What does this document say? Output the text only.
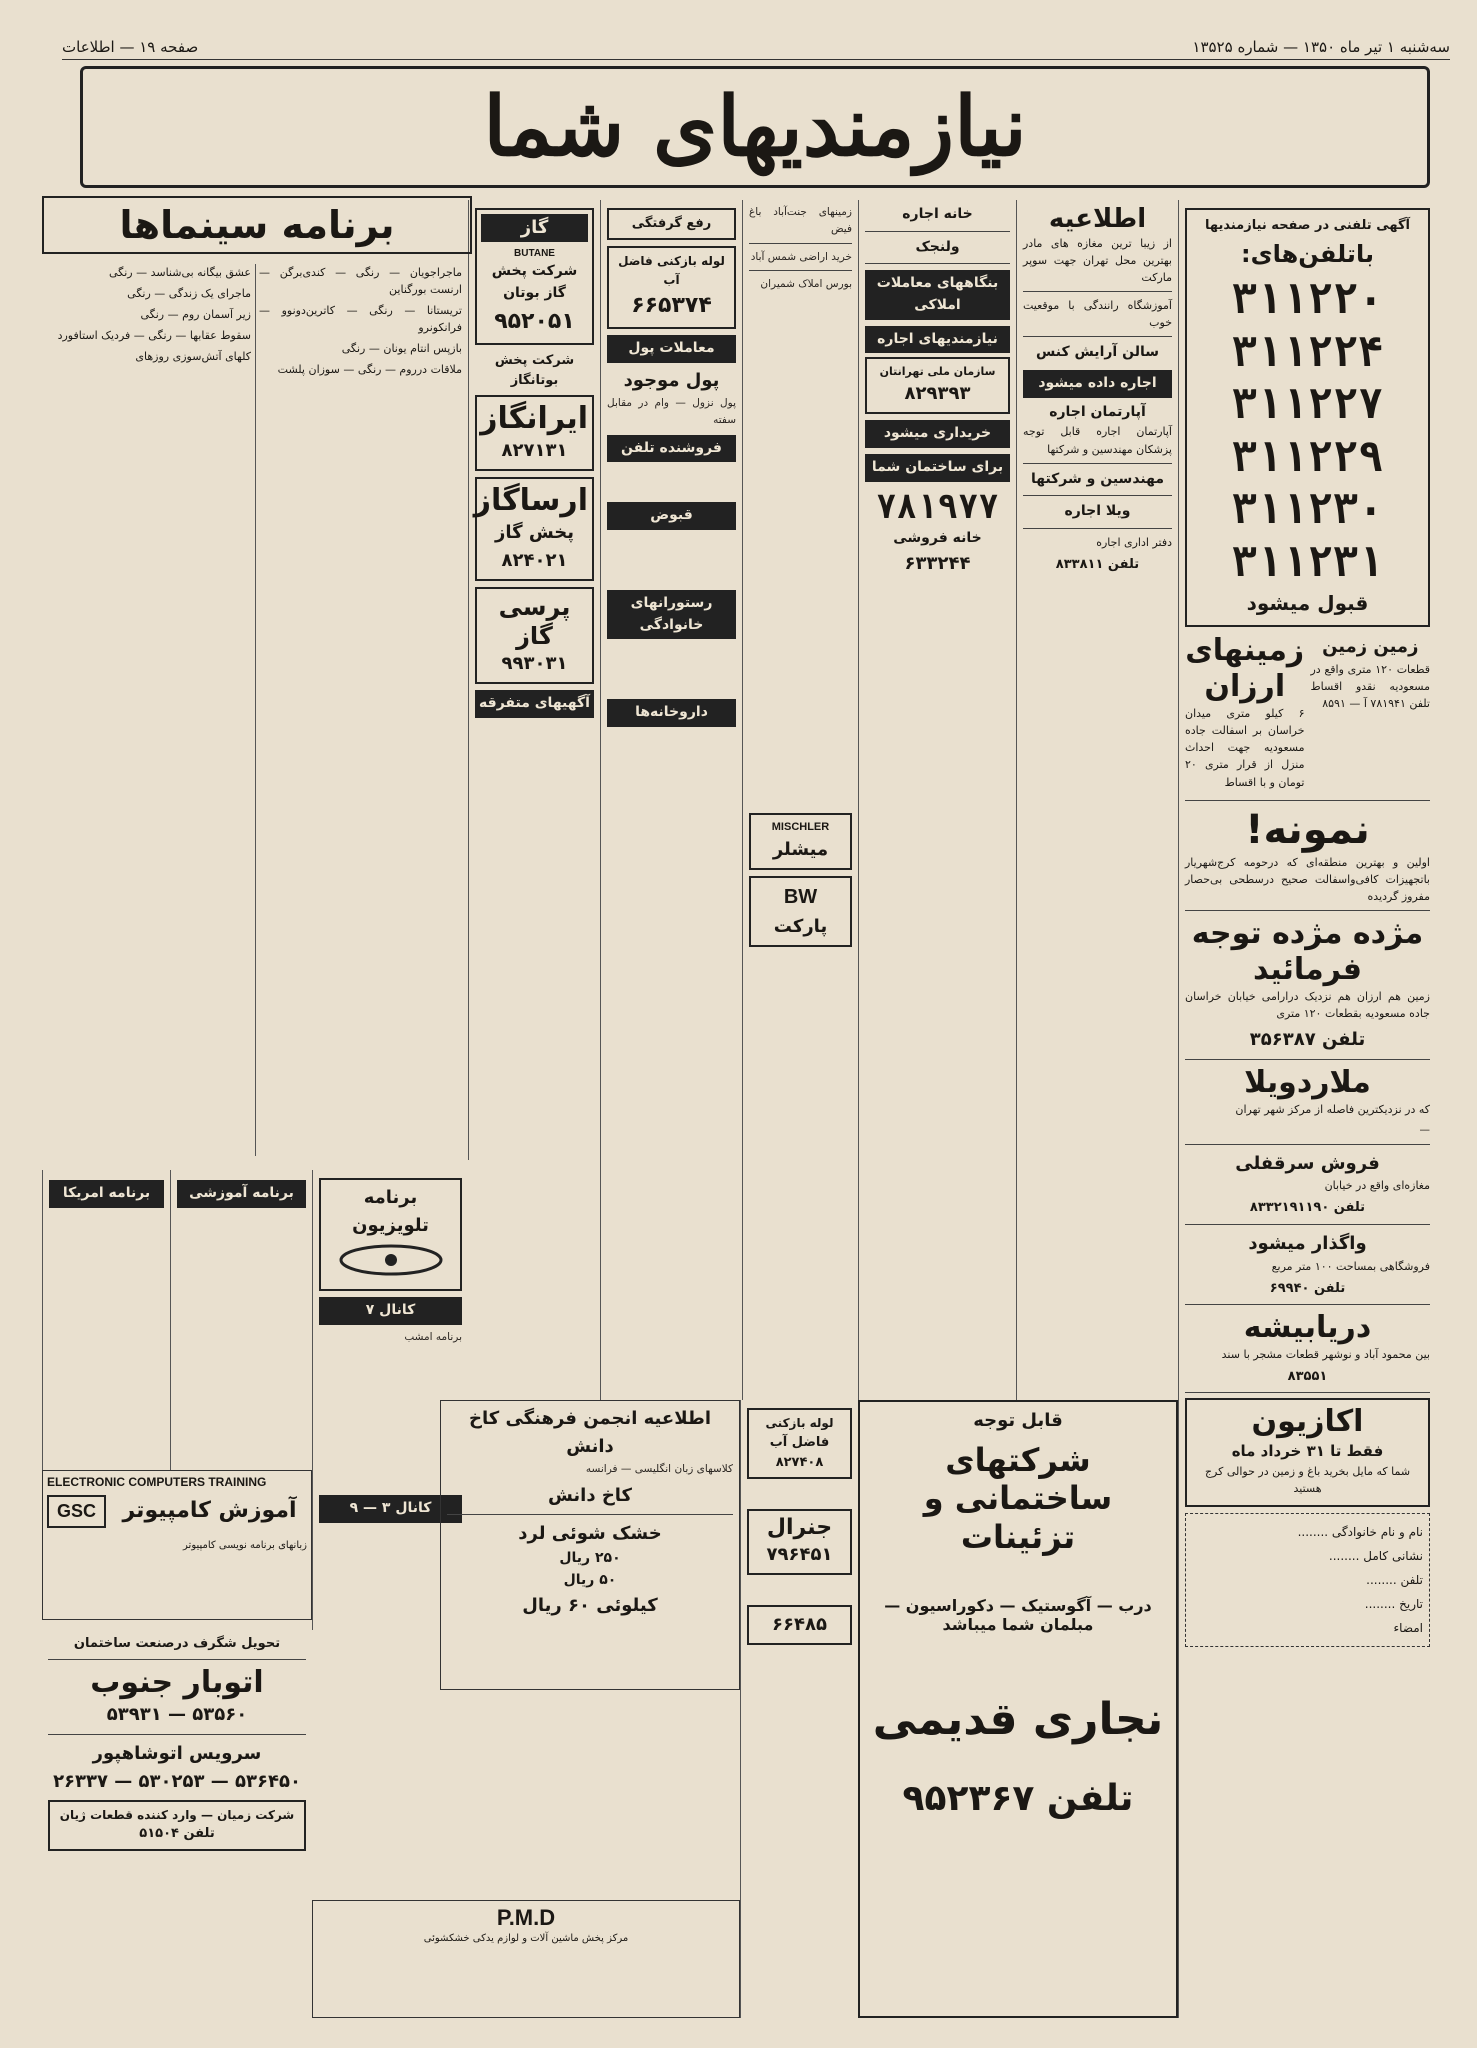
صفحه ۱۹ — اطلاعات	سه‌شنبه ۱ تیر ماه ۱۳۵۰ — شماره ۱۳۵۲۵
نیازمندیهای شما
آگهی تلفنی در صفحه نیازمندیها
باتلفن‌های:
۳۱۱۲۲۰
۳۱۱۲۲۴
۳۱۱۲۲۷
۳۱۱۲۲۹
۳۱۱۲۳۰
۳۱۱۲۳۱
قبول میشود
زمین زمین

قطعات ۱۲۰ متری واقع در مسعودیه نقدو اقساط تلفن ۷۸۱۹۴۱ آ — ۸۵۹۱

زمینهای ارزان

۶ کیلو متری میدان خراسان بر اسفالت جاده مسعودیه جهت احداث منزل از قرار متری ۲۰ تومان و با اقساط

نمونه!

اولین و بهترین منطقه‌ای که درحومه کرج‌شهریار باتجهیزات کافی‌واسفالت صحیح درسطحی بی‌حصار مفروز گردیده

مژده مژده توجه فرمائید

زمین هم ارزان هم نزدیک درارامی خیابان خراسان جاده مسعودیه بقطعات ۱۲۰ متری

تلفن ۳۵۶۳۸۷
ملاردویلا

که در نزدیکترین فاصله از مرکز شهر تهران

—
فروش سرقفلی

مغازه‌ای واقع در خیابان

تلفن ۸۳۳۲۱۹۱۱۹۰
واگذار میشود

فروشگاهی بمساحت ۱۰۰ متر مربع

تلفن ۶۹۹۴۰
دریابیشه

بین محمود آباد و نوشهر قطعات مشجر با سند

۸۳۵۵۱
اکازیون
فقط تا ۳۱ خرداد ماه

شما که مایل بخرید باغ و زمین در حوالی کرج هستید

نام و نام خانوادگی ........
نشانی کامل ........
تلفن ........
تاریخ ........
امضاء
اطلاعیه

از زیبا ترین مغازه های مادر بهترین محل تهران جهت سوپر مارکت

آموزشگاه رانندگی با موقعیت خوب

سالن آرایش کنس
اجاره داده میشود
آپارتمان اجاره

آپارتمان اجاره قابل توجه پزشکان مهندسین و شرکتها

مهندسین و شرکتها
ویلا اجاره

دفتر اداری اجاره

تلفن ۸۳۳۸۱۱
خانه اجاره
ولنجک
بنگاههای معاملات املاکی
نیازمندیهای اجاره
سازمان ملی تهرانتان
۸۲۹۳۹۳
خریداری میشود
برای ساختمان شما
۷۸۱۹۷۷
خانه فروشی
۶۳۳۲۴۴
زمینهای جنت‌آباد باغ فیض
خرید اراضی شمس آباد
بورس املاک شمیران
MISCHLER
میشلر
BW
پارکت
رفع گرفتگی
لوله بازکنی فاضل آب
۶۶۵۳۷۴
معاملات پول
پول موجود

پول نزول — وام در مقابل سفته

فروشنده تلفن
قبوض
رستورانهای خانوادگی
داروخانه‌ها
گاز
BUTANE
شرکت پخش گاز بوتان
۹۵۲۰۵۱
شرکت پخش بوتانگاز
ایرانگاز
۸۲۷۱۳۱
ارساگاز
پخش گاز
۸۲۴۰۲۱
پرسی گاز
۹۹۳۰۳۱
آگهیهای متفرقه
برنامه سینماها

ماجراجویان — رنگی — کندی‌برگن — ارنست بورگناین

تریستانا — رنگی — کاترین‌دونوو‌ — فرانکونرو

بازپس انتام یونان — رنگی

ملاقات درروم — رنگی — سوزان پلشت

عشق بیگانه بی‌شناسد — رنگی

ماجرای یک زندگی — رنگی

زیر آسمان روم — رنگی

سقوط عقابها — رنگی — فردیک استافورد

کلهای آتش‌سوزی روزهای

برنامه تلویزیون
کانال ۷

برنامه امشب

کانال ۳ — ۹
برنامه آموزشی
برنامه امریکا
ELECTRONIC COMPUTERS TRAINING
آموزش کامپیوتر
GSC

زبانهای برنامه نویسی کامپیوتر

تحویل شگرف درصنعت ساختمان
اتوبار جنوب
۵۳۵۶۰ — ۵۳۹۳۱
سرویس اتوشاهپور
۵۳۶۴۵۰ — ۵۳۰۲۵۳ — ۲۶۳۳۷
شرکت زمیان — وارد کننده قطعات ژیان
تلفن ۵۱۵۰۴
اطلاعیه انجمن فرهنگی کاخ دانش

کلاسهای زبان انگلیسی — فرانسه

کاخ دانش
خشک شوئی لرد
۲۵۰ ریال
۵۰ ریال
کیلوئی ۶۰ ریال
P.M.D

مرکز پخش ماشین آلات و لوازم یدکی خشکشوئی

لوله بازکنی
فاضل آب ۸۲۷۴۰۸
جنرال
۷۹۶۴۵۱
۶۶۴۸۵
قابل توجه
شرکتهای ساختمانی و تزئینات

درب — آگوستیک — دکوراسیون — مبلمان شما میباشد

نجاری قدیمی
تلفن ۹۵۲۳۶۷
